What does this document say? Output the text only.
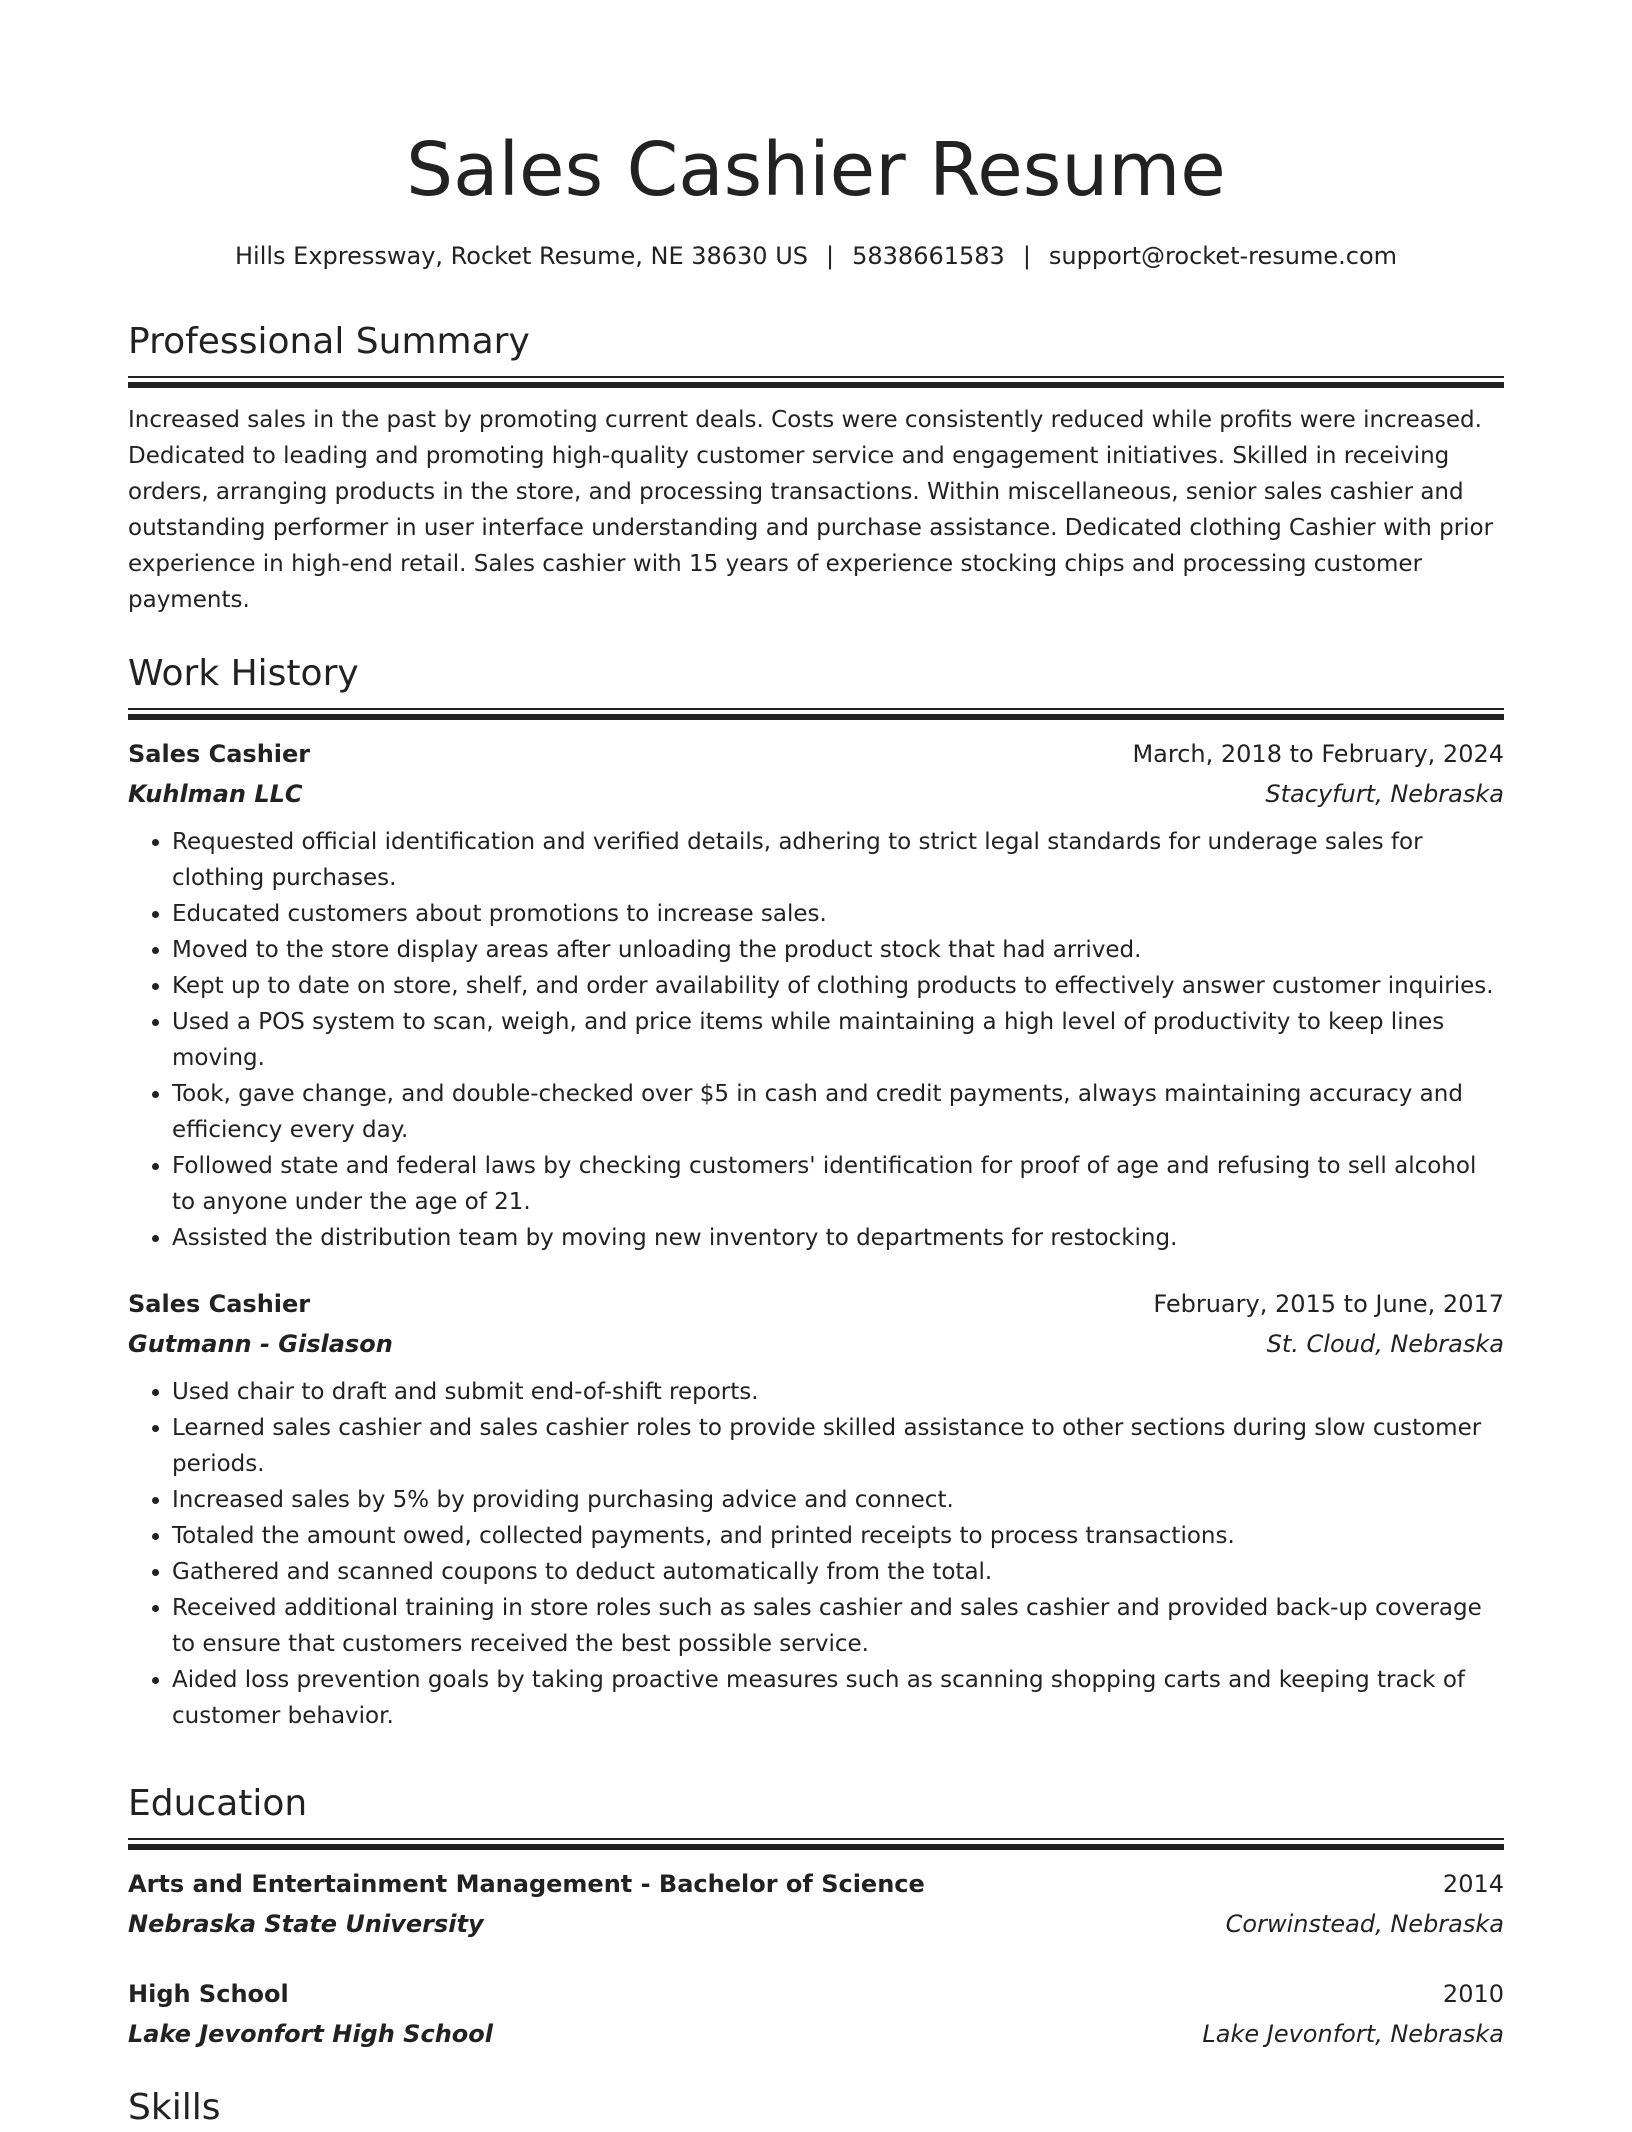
Sales Cashier Resume
Hills Expressway, Rocket Resume, NE 38630 US | 5838661583 | support@rocket-resume.com
Professional Summary
Increased sales in the past by promoting current deals. Costs were consistently reduced while profits were increased. Dedicated to leading and promoting high-quality customer service and engagement initiatives. Skilled in receiving orders, arranging products in the store, and processing transactions. Within miscellaneous, senior sales cashier and outstanding performer in user interface understanding and purchase assistance. Dedicated clothing Cashier with prior experience in high-end retail. Sales cashier with 15 years of experience stocking chips and processing customer payments.
Work History
Sales Cashier	March, 2018 to February, 2024
Kuhlman LLC	Stacyfurt, Nebraska
• Requested official identification and verified details, adhering to strict legal standards for underage sales for clothing purchases.
• Educated customers about promotions to increase sales.
• Moved to the store display areas after unloading the product stock that had arrived.
• Kept up to date on store, shelf, and order availability of clothing products to effectively answer customer inquiries.
• Used a POS system to scan, weigh, and price items while maintaining a high level of productivity to keep lines moving.
• Took, gave change, and double-checked over $5 in cash and credit payments, always maintaining accuracy and efficiency every day.
• Followed state and federal laws by checking customers' identification for proof of age and refusing to sell alcohol to anyone under the age of 21.
• Assisted the distribution team by moving new inventory to departments for restocking.
Sales Cashier	February, 2015 to June, 2017
Gutmann - Gislason	St. Cloud, Nebraska
• Used chair to draft and submit end-of-shift reports.
• Learned sales cashier and sales cashier roles to provide skilled assistance to other sections during slow customer periods.
• Increased sales by 5% by providing purchasing advice and connect.
• Totaled the amount owed, collected payments, and printed receipts to process transactions.
• Gathered and scanned coupons to deduct automatically from the total.
• Received additional training in store roles such as sales cashier and sales cashier and provided back-up coverage to ensure that customers received the best possible service.
• Aided loss prevention goals by taking proactive measures such as scanning shopping carts and keeping track of customer behavior.
Education
Arts and Entertainment Management - Bachelor of Science	2014
Nebraska State University	Corwinstead, Nebraska
High School	2010
Lake Jevonfort High School	Lake Jevonfort, Nebraska
Skills
